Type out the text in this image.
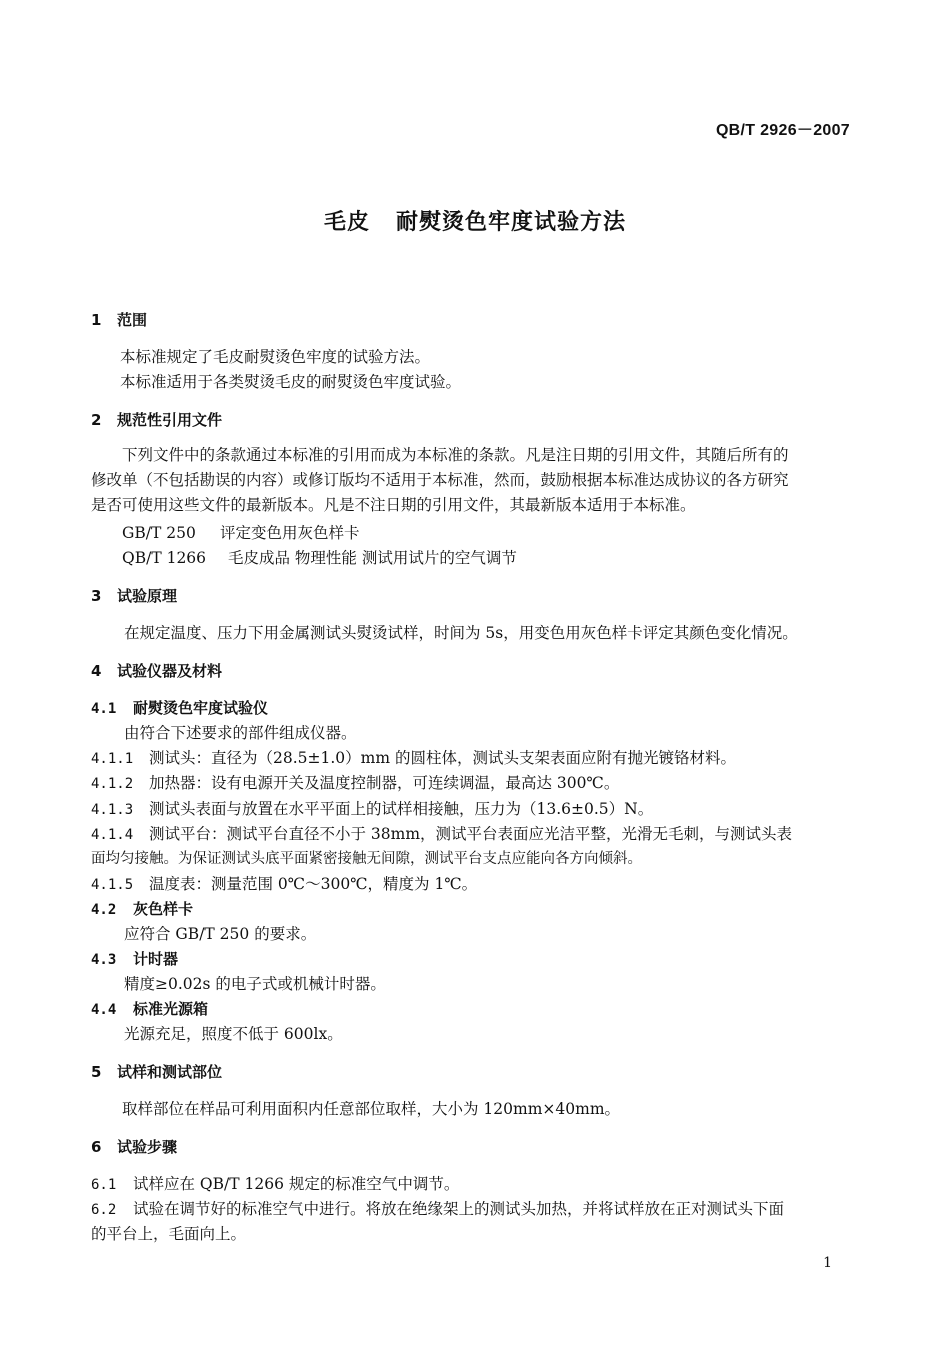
QB/T 2926－2007
毛皮 耐熨烫色牢度试验方法
1 范围
本标准规定了毛皮耐熨烫色牢度的试验方法。
本标准适用于各类熨烫毛皮的耐熨烫色牢度试验。
2 规范性引用文件
下列文件中的条款通过本标准的引用而成为本标准的条款。凡是注日期的引用文件，其随后所有的
修改单（不包括勘误的内容）或修订版均不适用于本标准，然而，鼓励根据本标准达成协议的各方研究
是否可使用这些文件的最新版本。凡是不注日期的引用文件，其最新版本适用于本标准。
GB/T 250 评定变色用灰色样卡
QB/T 1266 毛皮成品 物理性能 测试用试片的空气调节
3 试验原理
在规定温度、压力下用金属测试头熨烫试样，时间为 5s，用变色用灰色样卡评定其颜色变化情况。
4 试验仪器及材料
4.1 耐熨烫色牢度试验仪
由符合下述要求的部件组成仪器。
4.1.1 测试头：直径为（28.5±1.0）mm 的圆柱体，测试头支架表面应附有抛光镀铬材料。
4.1.2 加热器：设有电源开关及温度控制器，可连续调温，最高达 300℃。
4.1.3 测试头表面与放置在水平平面上的试样相接触，压力为（13.6±0.5）N。
4.1.4 测试平台：测试平台直径不小于 38mm，测试平台表面应光洁平整，光滑无毛刺，与测试头表
面均匀接触。为保证测试头底平面紧密接触无间隙，测试平台支点应能向各方向倾斜。
4.1.5 温度表：测量范围 0℃～300℃，精度为 1℃。
4.2 灰色样卡
应符合 GB/T 250 的要求。
4.3 计时器
精度≥0.02s 的电子式或机械计时器。
4.4 标准光源箱
光源充足，照度不低于 600lx。
5 试样和测试部位
取样部位在样品可利用面积内任意部位取样，大小为 120mm×40mm。
6 试验步骤
6.1 试样应在 QB/T 1266 规定的标准空气中调节。
6.2 试验在调节好的标准空气中进行。将放在绝缘架上的测试头加热，并将试样放在正对测试头下面
的平台上，毛面向上。
1
